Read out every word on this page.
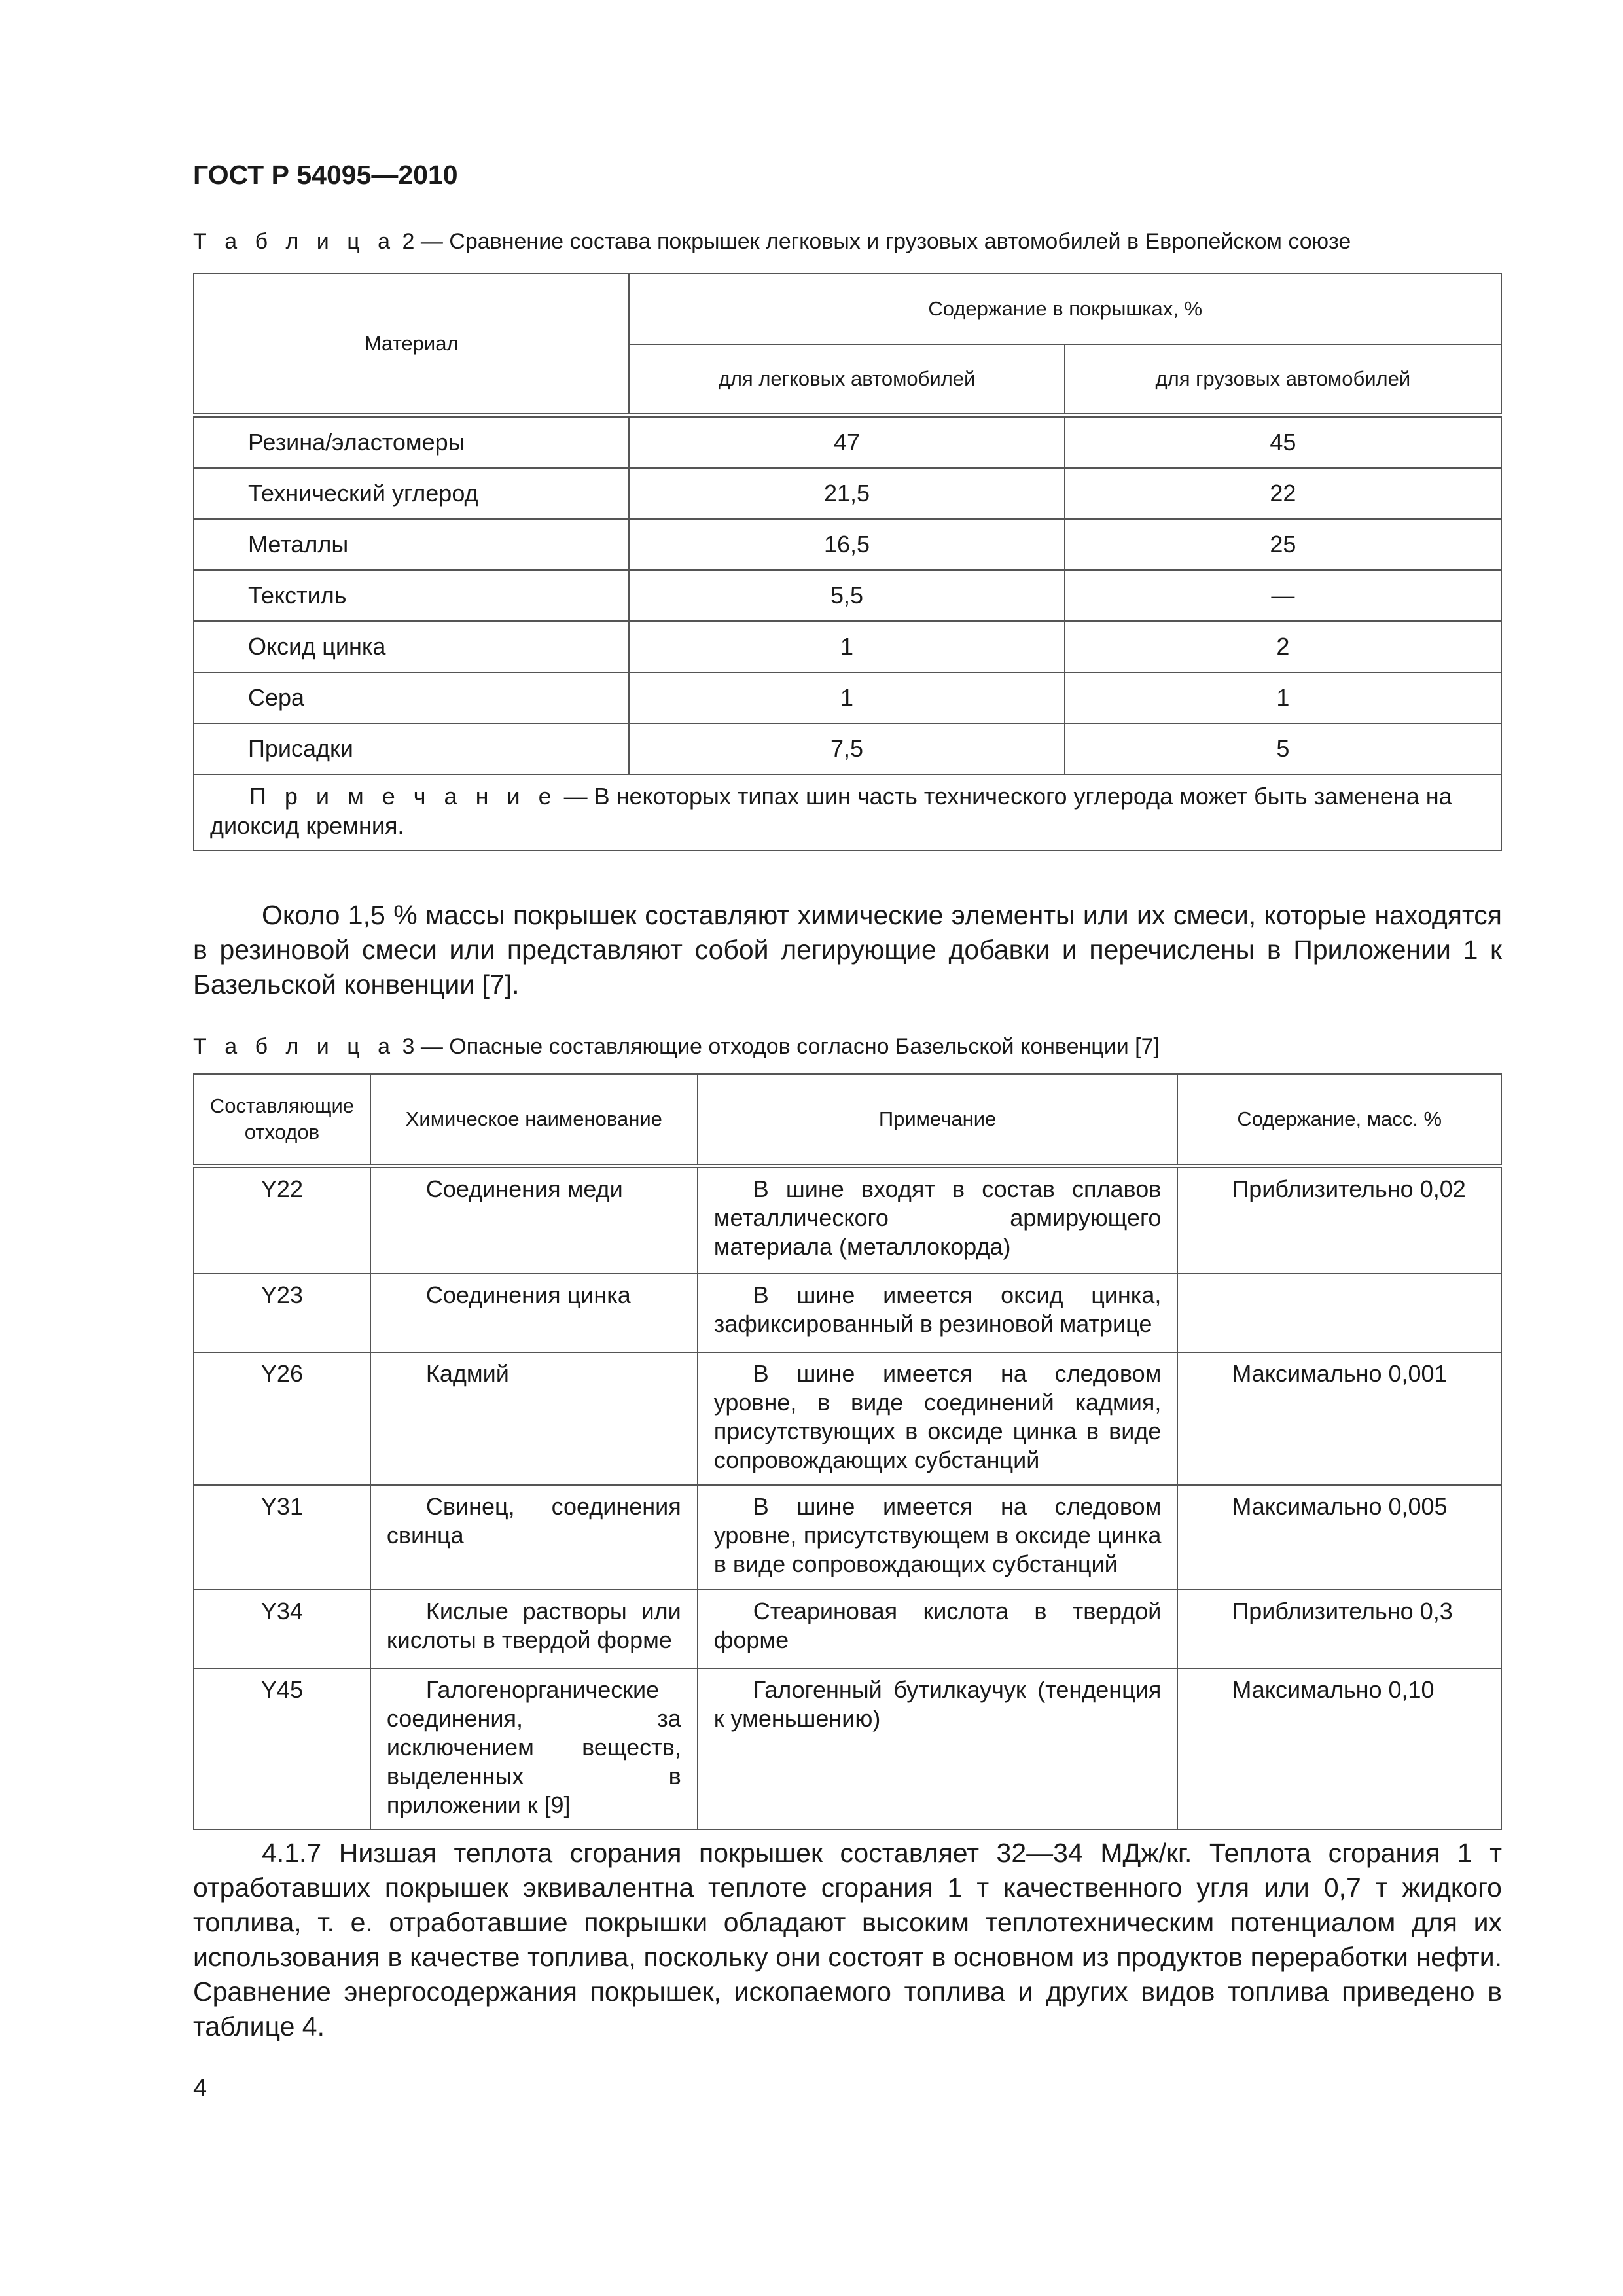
ГОСТ Р 54095—2010
Т а б л и ц а 2 — Сравнение состава покрышек легковых и грузовых автомобилей в Европейском союзе
Материал	Содержание в покрышках, %	
	для легковых автомобилей	для грузовых автомобилей
Резина/эластомеры	47	45
Технический углерод	21,5	22
Металлы	16,5	25
Текстиль	5,5	—
Оксид цинка	1	2
Сера	1	1
Присадки	7,5	5
П р и м е ч а н и е — В некоторых типах шин часть технического углерода может быть заменена на диоксид кремния.		

Около 1,5 % массы покрышек составляют химические элементы или их смеси, которые находятся в резиновой смеси или представляют собой легирующие добавки и перечислены в Приложении 1 к Базельской конвенции [7].

Т а б л и ц а 3 — Опасные составляющие отходов согласно Базельской конвенции [7]
Составляющие отходов	Химическое наименование	Примечание	Содержание, масс. %
Y22	Соединения меди	В шине входят в состав сплавов металлического армирующего материала (металлокорда)	Приблизительно 0,02
Y23	Соединения цинка	В шине имеется оксид цинка, зафиксированный в резиновой матрице	
Y26	Кадмий	В шине имеется на следовом уровне, в виде соединений кадмия, присутствующих в оксиде цинка в виде сопровождающих субстанций	Максимально 0,001
Y31	Свинец, соединения свинца	В шине имеется на следовом уровне, присутствующем в оксиде цинка в виде сопровождающих субстанций	Максимально 0,005
Y34	Кислые растворы или кислоты в твердой форме	Стеариновая кислота в твердой форме	Приблизительно 0,3
Y45	Галогенорганические соединения, за исключением веществ, выделенных в приложении к [9]	Галогенный бутилкаучук (тенденция к уменьшению)	Максимально 0,10

4.1.7 Низшая теплота сгорания покрышек составляет 32—34 МДж/кг. Теплота сгорания 1 т отработавших покрышек эквивалентна теплоте сгорания 1 т качественного угля или 0,7 т жидкого топлива, т. е. отработавшие покрышки обладают высоким теплотехническим потенциалом для их использования в качестве топлива, поскольку они состоят в основном из продуктов переработки нефти. Сравнение энергосодержания покрышек, ископаемого топлива и других видов топлива приведено в таблице 4.

4
